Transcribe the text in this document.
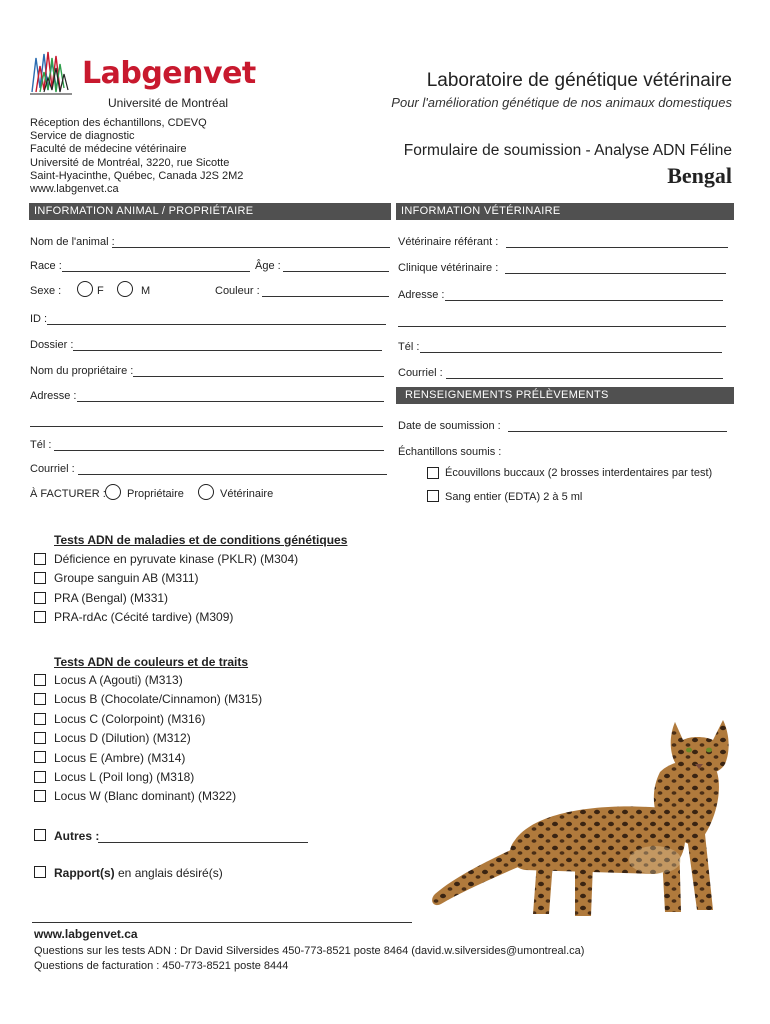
Labgenvet
Université de Montréal
Laboratoire de génétique vétérinaire
Pour l'amélioration génétique de nos animaux domestiques
Réception des échantillons, CDEVQ
Service de diagnostic
Faculté de médecine vétérinaire
Université de Montréal, 3220, rue Sicotte
Saint-Hyacinthe, Québec, Canada J2S 2M2
www.labgenvet.ca
Formulaire de soumission - Analyse ADN Féline
Bengal
INFORMATION ANIMAL / PROPRIÉTAIRE	INFORMATION VÉTÉRINAIRE
Nom de l'animal :
Race :	Âge :
Sexe :	F	M	Couleur :
ID :
Dossier :
Nom du propriétaire :
Adresse :
Tél :
Courriel :
À FACTURER : Propriétaire	Vétérinaire
Vétérinaire référant :
Clinique vétérinaire :
Adresse :
Tél :
Courriel :
RENSEIGNEMENTS PRÉLÈVEMENTS
Date de soumission :
Échantillons soumis :
Écouvillons buccaux (2 brosses interdentaires par test)
Sang entier (EDTA) 2 à 5 ml
Tests ADN de maladies et de conditions génétiques
Déficience en pyruvate kinase (PKLR) (M304)
Groupe sanguin AB (M311)
PRA (Bengal) (M331)
PRA-rdAc (Cécité tardive) (M309)
Tests ADN de couleurs et de traits
Locus A (Agouti) (M313)
Locus B (Chocolate/Cinnamon) (M315)
Locus C (Colorpoint) (M316)
Locus D (Dilution) (M312)
Locus E (Ambre) (M314)
Locus L (Poil long) (M318)
Locus W (Blanc dominant) (M322)
Autres :
Rapport(s) en anglais désiré(s)
www.labgenvet.ca
Questions sur les tests ADN : Dr David Silversides 450-773-8521 poste 8464 (david.w.silversides@umontreal.ca)
Questions de facturation : 450-773-8521 poste 8444
